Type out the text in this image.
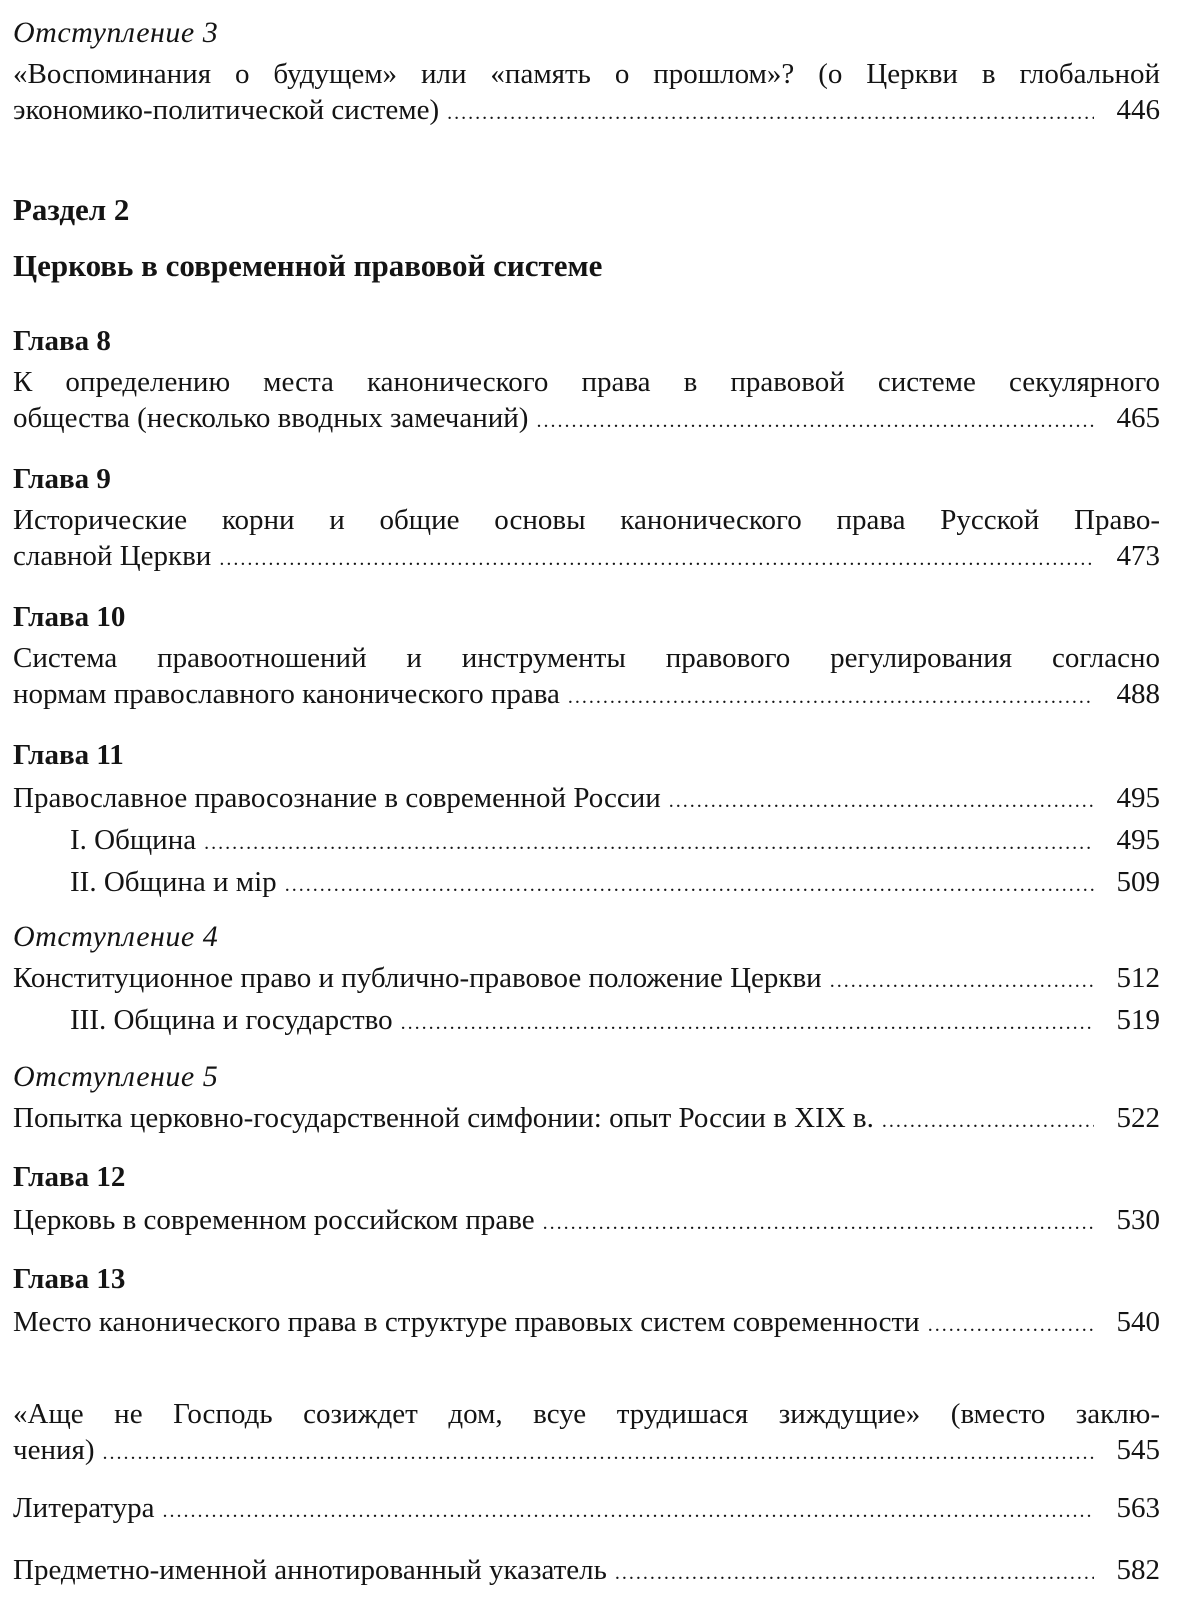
Отступление 3
«Воспоминания о будущем» или «память о прошлом»? (о Церкви в глобальной
экономико-политической системе) .....	446
Раздел 2
Церковь в современной правовой системе
Глава 8
К определению места канонического права в правовой системе секулярного
общества (несколько вводных замечаний) .....	465
Глава 9
Исторические корни и общие основы канонического права Русской Право-
славной Церкви .....	473
Глава 10
Система правоотношений и инструменты правового регулирования согласно
нормам православного канонического права .....	488
Глава 11
Православное правосознание в современной России .....	495
I. Община .....	495
II. Община и міp .....	509
Отступление 4
Конституционное право и публично-правовое положение Церкви .....	512
III. Община и государство .....	519
Отступление 5
Попытка церковно-государственной симфонии: опыт России в XIX в. .....	522
Глава 12
Церковь в современном российском праве .....	530
Глава 13
Место канонического права в структуре правовых систем современности .....	540
«Аще не Господь созиждет дом, всуе трудишася зиждущие» (вместо заклю-
чения) .....	545
Литература .....	563
Предметно-именной аннотированный указатель .....	582
